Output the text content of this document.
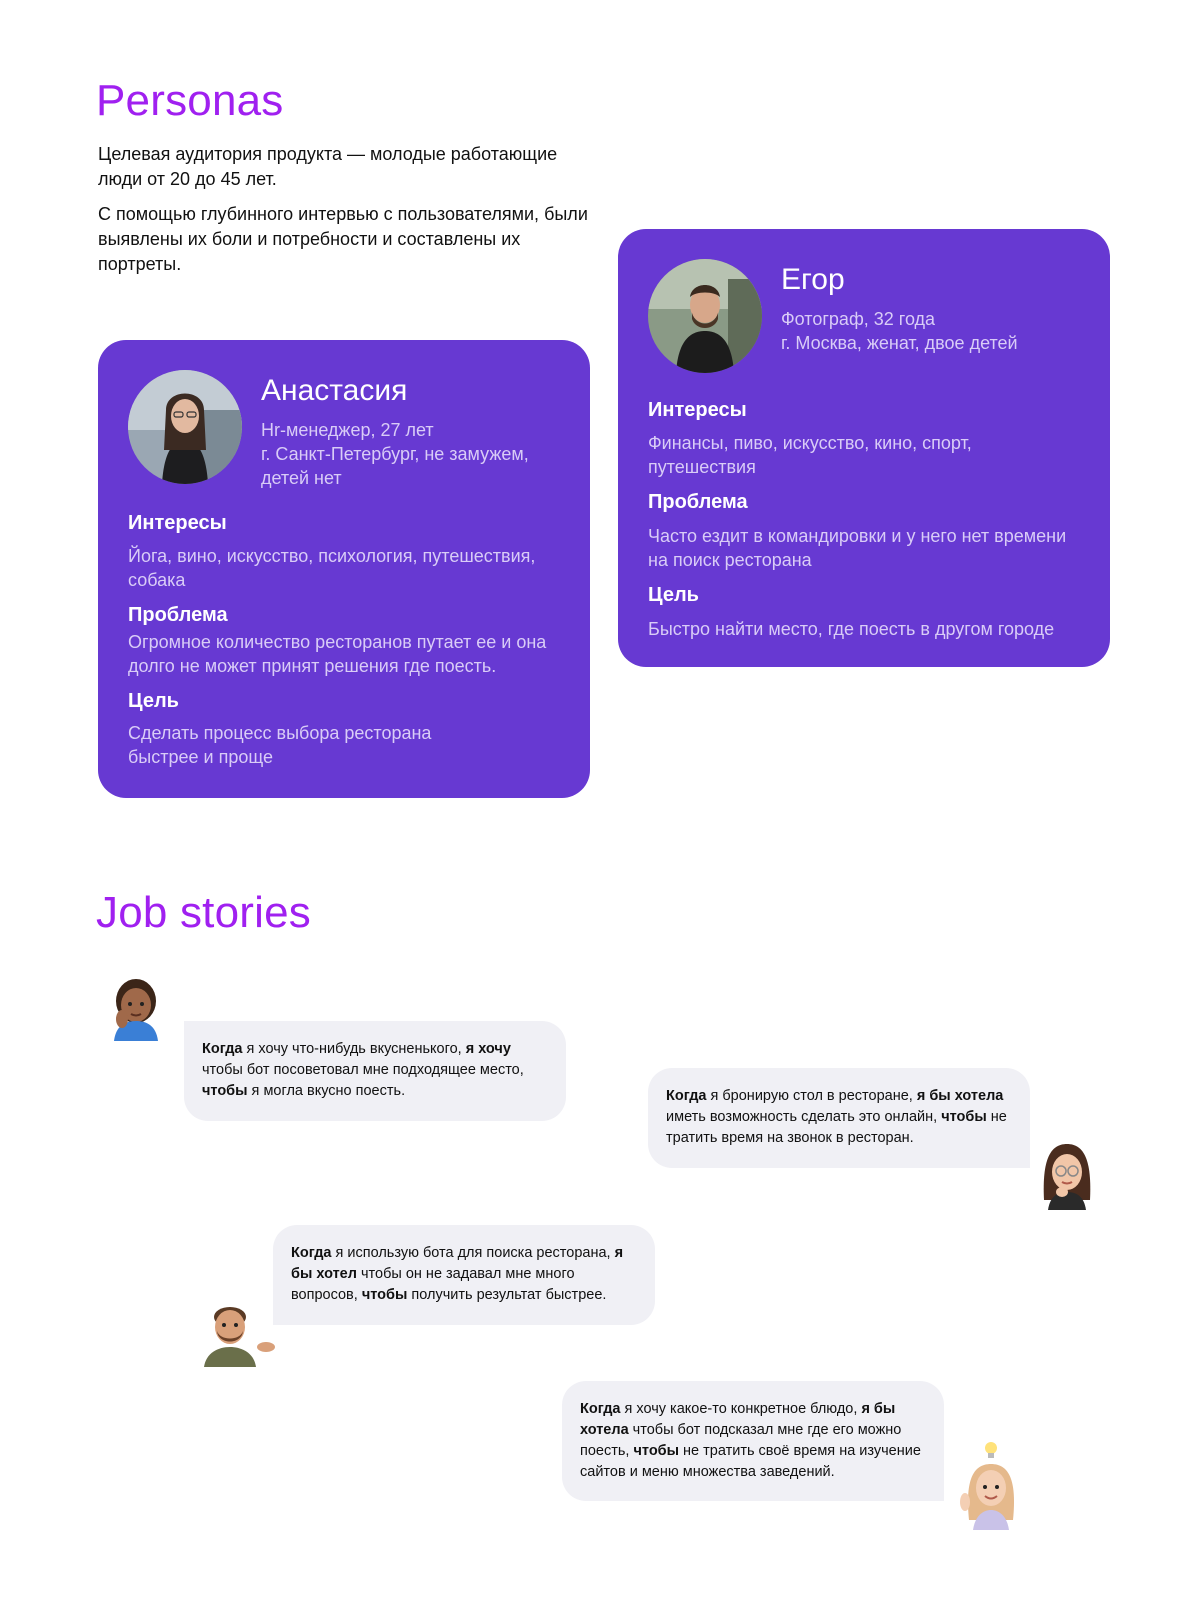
Personas

Целевая аудитория продукта — молодые работающие люди от 20 до 45 лет.

С помощью глубинного интервью с пользователями, были выявлены их боли и потребности и составлены их портреты.

Анастасия
Hr-менеджер, 27 лет
г. Санкт-Петербург, не замужем,
детей нет
Интересы
Йога, вино, искусство, психология, путешествия, собака
Проблема
Огромное количество ресторанов путает ее и она долго не может принят решения где поесть.
Цель
Сделать процесс выбора ресторана быстрее и проще
Егор
Фотограф, 32 года
г. Москва, женат, двое детей
Интересы
Финансы, пиво, искусство, кино, спорт, путешествия
Проблема
Часто ездит в командировки и у него нет времени на поиск ресторана
Цель
Быстро найти место, где поесть в другом городе
Job stories
Когда я хочу что-нибудь вкусненького, я хочу чтобы бот посоветовал мне подходящее место, чтобы я могла вкусно поесть.	Когда я бронирую стол в ресторане, я бы хотела иметь возможность сделать это онлайн, чтобы не тратить время на звонок в ресторан.
Когда я использую бота для поиска ресторана, я бы хотел чтобы он не задавал мне много вопросов, чтобы получить результат быстрее.
Когда я хочу какое-то конкретное блюдо, я бы хотела чтобы бот подсказал мне где его можно поесть, чтобы не тратить своё время на изучение сайтов и меню множества заведений.
